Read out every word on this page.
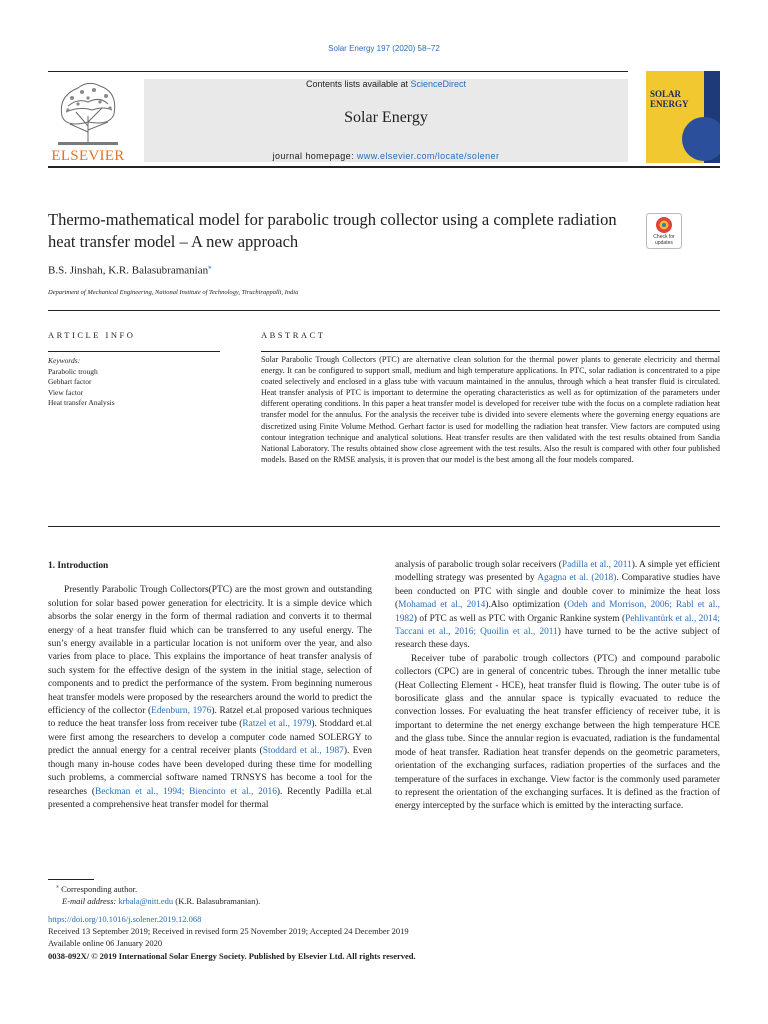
Solar Energy 197 (2020) 58–72
ELSEVIER
Contents lists available at ScienceDirect
Solar Energy
journal homepage: www.elsevier.com/locate/solener
SOLAR
ENERGY
Thermo-mathematical model for parabolic trough collector using a complete radiation heat transfer model – A new approach	Check for updates
B.S. Jinshah, K.R. Balasubramanian⁎
Department of Mechanical Engineering, National Institute of Technology, Tiruchirappalli, India
ARTICLE INFO	ABSTRACT
Keywords:
Parabolic trough
Gebhart factor
View factor
Heat transfer Analysis
Solar Parabolic Trough Collectors (PTC) are alternative clean solution for the thermal power plants to generate electricity and thermal energy. It can be configured to support small, medium and high temperature applications. In PTC, solar radiation is concentrated to a pipe coated selectively and enclosed in a glass tube with vacuum maintained in the annulus, through which a heat transfer fluid is circulated. Heat transfer analysis of PTC is important to determine the operating characteristics as well as for optimization of the parameters under different operating conditions. In this paper a heat transfer model is developed for receiver tube with the focus on a complete radiation heat transfer model for the annulus. For the analysis the receiver tube is divided into severe elements where the governing energy equations are discretized using Finite Volume Method. Gerhart factor is used for modelling the radiation heat transfer. View factors are computed using contour integration technique and analytical solutions. Heat transfer results are then validated with the test results obtained from Sandia National Laboratory. The results obtained show close agreement with the test results. Also the result is compared with other four published models. Based on the RMSE analysis, it is proven that our model is the best among all the four models compared.

1. Introduction

Presently Parabolic Trough Collectors(PTC) are the most grown and outstanding solution for solar based power generation for electricity. It is a simple device which absorbs the solar energy in the form of thermal radiation and converts it to thermal energy of a heat transfer fluid which can be transferred to any useful energy. The sun’s energy available in a particular location is not uniform over the year, and also varies from place to place. This explains the importance of heat transfer analysis of such system for the effective design of the system in the initial stage, selection of components and to predict the performance of the system. From beginning numerous heat transfer models were proposed by the researchers around the world to predict the efficiency of the collector (Edenburn, 1976). Ratzel et.al proposed various techniques to reduce the heat transfer loss from receiver tube (Ratzel et al., 1979). Stoddard et.al were first among the researchers to develop a computer code named SOLERGY to predict the annual energy for a central receiver plants (Stoddard et al., 1987). Even though many in-house codes have been developed during these time for modelling such problems, a commercial software named TRNSYS has become a tool for the researches (Beckman et al., 1994; Biencinto et al., 2016). Recently Padilla et.al presented a comprehensive heat transfer model for thermal

analysis of parabolic trough solar receivers (Padilla et al., 2011). A simple yet efficient modelling strategy was presented by Agagna et al. (2018). Comparative studies have been conducted on PTC with single and double cover to minimize the heat loss (Mohamad et al., 2014).Also optimization (Odeh and Morrison, 2006; Rabl et al., 1982) of PTC as well as PTC with Organic Rankine system (Pehlivantürk et al., 2014; Taccani et al., 2016; Quoilin et al., 2011) have turned to be the active subject of research these days.

Receiver tube of parabolic trough collectors (PTC) and compound parabolic collectors (CPC) are in general of concentric tubes. Through the inner metallic tube (Heat Collecting Element - HCE), heat transfer fluid is flowing. The outer tube is of borosilicate glass and the annular space is typically evacuated to reduce the convection losses. For evaluating the heat transfer efficiency of receiver tube, it is important to determine the net energy exchange between the high temperature HCE and the glass tube. Since the annular region is evacuated, radiation is the fundamental mode of heat transfer. Radiation heat transfer depends on the geometric parameters, orientation of the exchanging surfaces, radiation properties of the surfaces and the temperature of the surfaces in exchange. View factor is the commonly used parameter to represent the orientation of the exchanging surfaces. It is defined as the fraction of energy intercepted by the surface which is emitted by the interacting surface.

⁎ Corresponding author.
E-mail address: krbala@nitt.edu (K.R. Balasubramanian).
https://doi.org/10.1016/j.solener.2019.12.068
Received 13 September 2019; Received in revised form 25 November 2019; Accepted 24 December 2019
Available online 06 January 2020
0038-092X/ © 2019 International Solar Energy Society. Published by Elsevier Ltd. All rights reserved.
